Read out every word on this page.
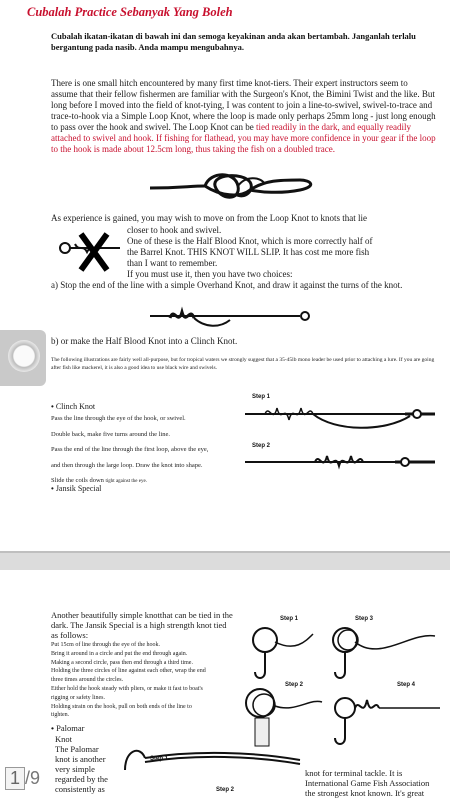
Cubalah Practice Sebanyak Yang Boleh
Cubalah ikatan-ikatan di bawah ini dan semoga keyakinan anda akan bertambah. Janganlah terlalu bergantung pada nasib. Anda mampu mengubahnya.
There is one small hitch encountered by many first time knot-tiers. Their expert instructors seem to assume that their fellow fishermen are familiar with the Surgeon's Knot, the Bimini Twist and the like. But long before I moved into the field of knot-tying, I was content to join a line-to-swivel, swivel-to-trace and trace-to-hook via a Simple Loop Knot, where the loop is made only perhaps 25mm long - just long enough to pass over the hook and swivel. The Loop Knot can be tied readily in the dark, and equally readily attached to swivel and hook. If fishing for flathead, you may have more confidence in your gear if the loop to the hook is made about 12.5cm long, thus taking the fish on a doubled trace.
As experience is gained, you may wish to move on from the Loop Knot to knots that lie
closer to hook and swivel.
One of these is the Half Blood Knot, which is more correctly half of
the Barrel Knot. THIS KNOT WILL SLIP. It has cost me more fish
than I want to remember.
If you must use it, then you have two choices:
a) Stop the end of the line with a simple Overhand Knot, and draw it against the turns of the knot.
b) or make the Half Blood Knot into a Clinch Knot.
The following illustrations are fairly well all-purpose, but for tropical waters we strongly suggest that a 35-45lb mono leader be used prior to attaching a lure. If you are going after fish like mackerel, it is also a good idea to use black wire and swivels.
• Clinch Knot
Pass the line through the eye of the hook, or swivel.
Double back, make five turns around the line.
Pass the end of the line through the first loop, above the eye,
and then through the large loop. Draw the knot into shape.
Slide the coils down tight against the eye.
• Jansik Special
Step 1
Step 2
Another beautifully simple knotthat can be tied in the
dark. The Jansik Special is a high strength knot tied
as follows:
Put 15cm of line through the eye of the hook.
Bring it around in a circle and put the end through again.
Making a second circle, pass then end through a third time.
Holding the three circles of line against each other, wrap the end
three times around the circles.
Either hold the hook steady with pliers, or make it fast to boat's
rigging or safety lines.
Holding strain on the hook, pull on both ends of the line to
tighten.
• Palomar
Knot
The Palomar
knot is another
very simple
regarded by the
consistently as
knot for terminal tackle. It is
International Game Fish Association
the strongest knot known. It's great
Step 1	Step 3
Step 2	Step 4
Step 1
Step 2
1 /9
